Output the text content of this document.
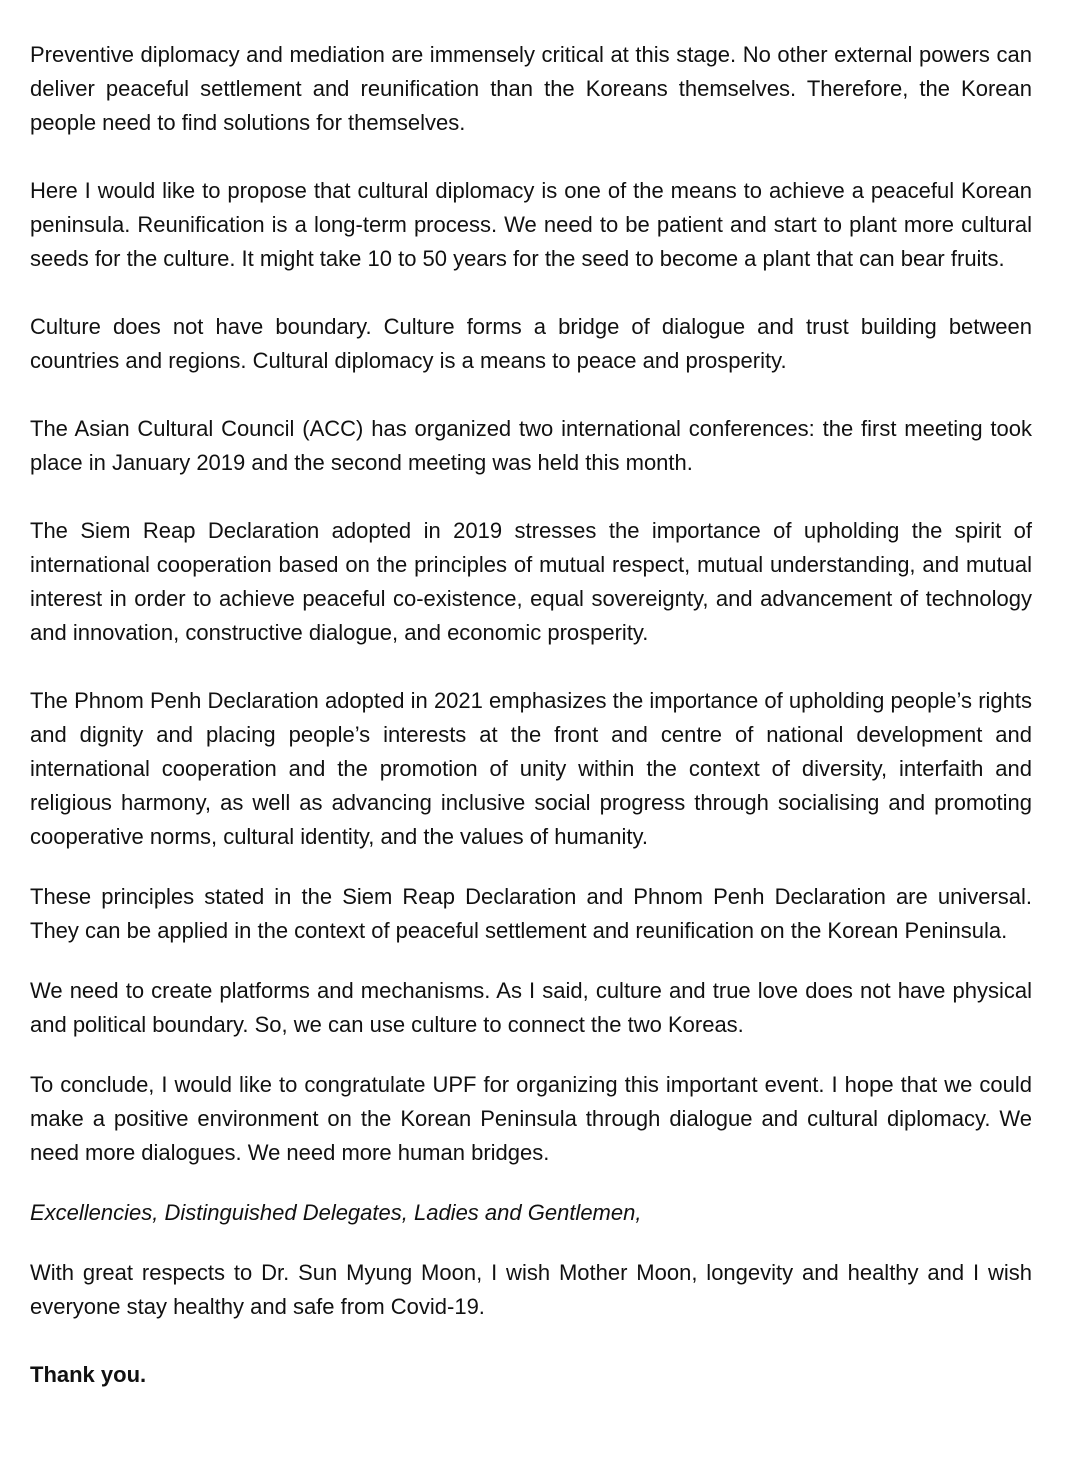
Preventive diplomacy and mediation are immensely critical at this stage. No other external powers can deliver peaceful settlement and reunification than the Koreans themselves. Therefore, the Korean people need to find solutions for themselves.

Here I would like to propose that cultural diplomacy is one of the means to achieve a peaceful Korean peninsula. Reunification is a long-term process. We need to be patient and start to plant more cultural seeds for the culture. It might take 10 to 50 years for the seed to become a plant that can bear fruits.

Culture does not have boundary. Culture forms a bridge of dialogue and trust building between countries and regions. Cultural diplomacy is a means to peace and prosperity.

The Asian Cultural Council (ACC) has organized two international conferences: the first meeting took place in January 2019 and the second meeting was held this month.

The Siem Reap Declaration adopted in 2019 stresses the importance of upholding the spirit of international cooperation based on the principles of mutual respect, mutual understanding, and mutual interest in order to achieve peaceful co-existence, equal sovereignty, and advancement of technology and innovation, constructive dialogue, and economic prosperity.

The Phnom Penh Declaration adopted in 2021 emphasizes the importance of upholding people’s rights and dignity and placing people’s interests at the front and centre of national development and international cooperation and the promotion of unity within the context of diversity, interfaith and religious harmony, as well as advancing inclusive social progress through socialising and promoting cooperative norms, cultural identity, and the values of humanity.

These principles stated in the Siem Reap Declaration and Phnom Penh Declaration are universal. They can be applied in the context of peaceful settlement and reunification on the Korean Peninsula.

We need to create platforms and mechanisms. As I said, culture and true love does not have physical and political boundary. So, we can use culture to connect the two Koreas.

To conclude, I would like to congratulate UPF for organizing this important event. I hope that we could make a positive environment on the Korean Peninsula through dialogue and cultural diplomacy. We need more dialogues. We need more human bridges.

Excellencies, Distinguished Delegates, Ladies and Gentlemen,

With great respects to Dr. Sun Myung Moon, I wish Mother Moon, longevity and healthy and I wish everyone stay healthy and safe from Covid-19.

Thank you.
